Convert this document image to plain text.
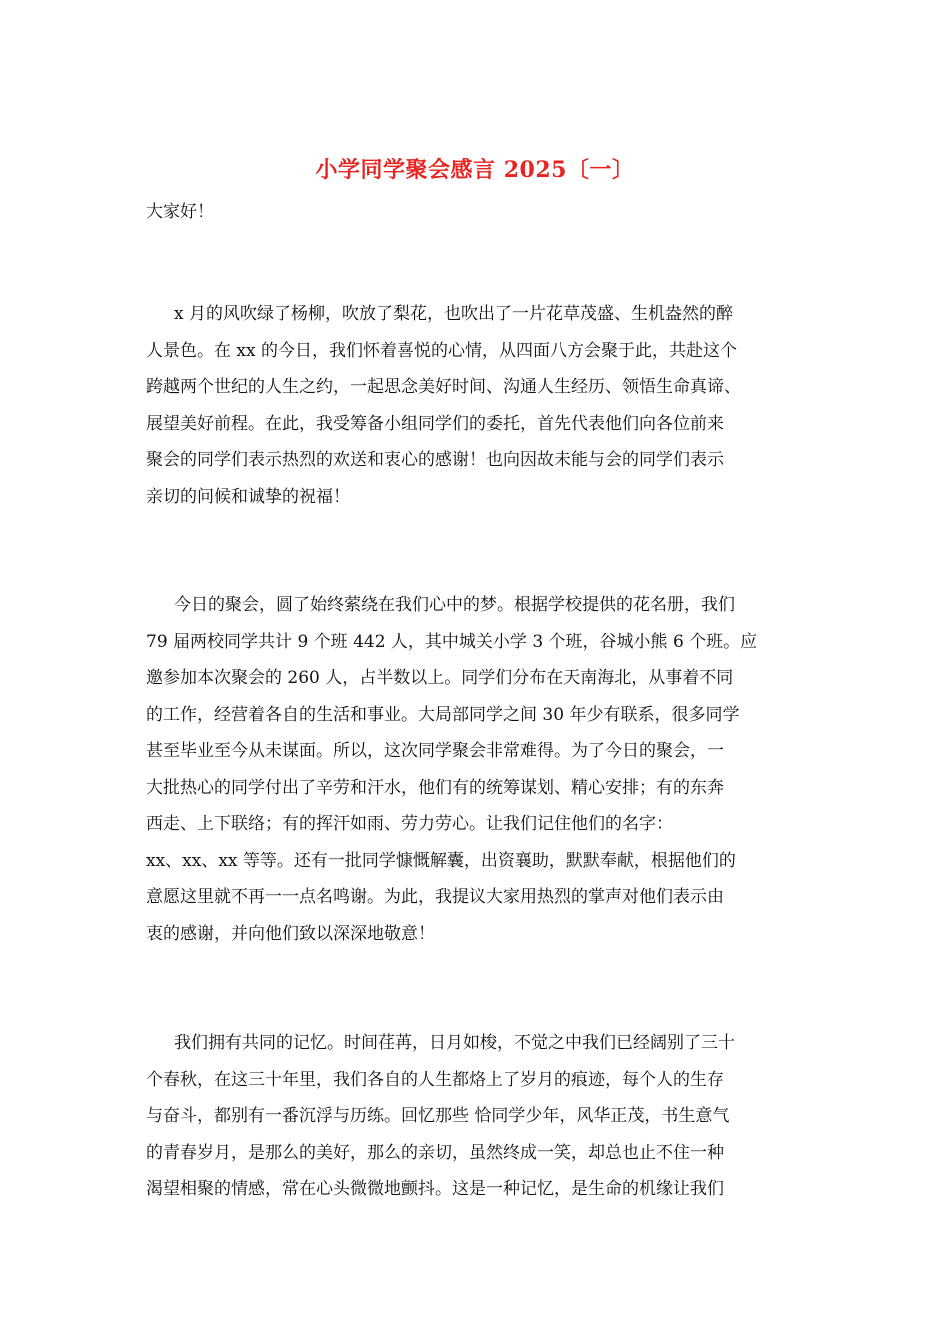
小学同学聚会感言 2025〔一〕
大家好！
x 月的风吹绿了杨柳，吹放了梨花，也吹出了一片花草茂盛、生机盎然的醉
人景色。在 xx 的今日，我们怀着喜悦的心情，从四面八方会聚于此，共赴这个
跨越两个世纪的人生之约，一起思念美好时间、沟通人生经历、领悟生命真谛、
展望美好前程。在此，我受筹备小组同学们的委托，首先代表他们向各位前来
聚会的同学们表示热烈的欢送和衷心的感谢！也向因故未能与会的同学们表示
亲切的问候和诚挚的祝福！
今日的聚会，圆了始终萦绕在我们心中的梦。根据学校提供的花名册，我们
79 届两校同学共计 9 个班 442 人，其中城关小学 3 个班，谷城小熊 6 个班。应
邀参加本次聚会的 260 人，占半数以上。同学们分布在天南海北，从事着不同
的工作，经营着各自的生活和事业。大局部同学之间 30 年少有联系，很多同学
甚至毕业至今从未谋面。所以，这次同学聚会非常难得。为了今日的聚会，一
大批热心的同学付出了辛劳和汗水，他们有的统筹谋划、精心安排；有的东奔
西走、上下联络；有的挥汗如雨、劳力劳心。让我们记住他们的名字：
xx、xx、xx 等等。还有一批同学慷慨解囊，出资襄助，默默奉献，根据他们的
意愿这里就不再一一点名鸣谢。为此，我提议大家用热烈的掌声对他们表示由
衷的感谢，并向他们致以深深地敬意！
我们拥有共同的记忆。时间荏苒，日月如梭，不觉之中我们已经阔别了三十
个春秋，在这三十年里，我们各自的人生都烙上了岁月的痕迹，每个人的生存
与奋斗，都别有一番沉浮与历练。回忆那些 恰同学少年，风华正茂，书生意气
的青春岁月，是那么的美好，那么的亲切，虽然终成一笑，却总也止不住一种
渴望相聚的情感，常在心头微微地颤抖。这是一种记忆，是生命的机缘让我们
